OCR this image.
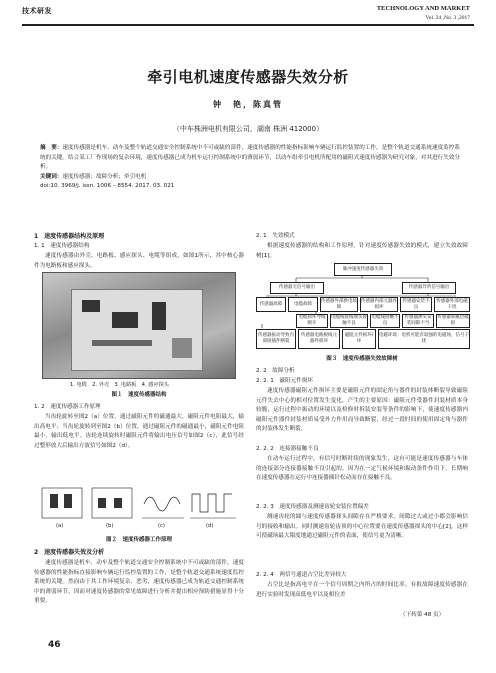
技术研发	TECHNOLOGY AND MARKET
Vol. 24 ,No. 3 ,2017
牵引电机速度传感器失效分析
钟　艳，陈真管
（中车株洲电机有限公司，湖南 株洲 412000）
摘　要：速度传感器是机车、动车及整个轨道交通安全控制系统中不可或缺的部件，速度传感器的性能指标影响车辆运行监控装置的工作，是整个轨道交通系统速度监控系统的关键。结合某工厂作现场的复杂环境，速度传感器已成为机车运行控制系统中的薄弱环节，以动车组牵引电机所配用的磁阻式速度传感器为研究对象，对其进行失效分析。
关键词：速度传感器；故障分析；牵引电机
doi:10. 3969/j. issn. 1006 – 8554. 2017. 03. 021
1　速度传感器结构及原理
1. 1　速度传感器结构
速度传感器由外壳、电路板、感应探头、电缆等组成，如图1所示，其中核心器件为电路板和感应探头。
1. 电缆　2. 外壳　3. 电路板　4. 感应探头
图１　速度传感器结构
1. 2　速度传感器工作原理
当齿轮旋转至图2（a）位置，通过磁阻元件的磁通最大，磁阻元件电阻最大，输出高电平；当齿轮旋转到至图2（b）位置，通过磁阻元件的磁通最小，磁阻元件电阻最小，输出低电平。齿轮连续旋转时磁阻元件将输出电压信号如图2（c），此信号经过整形放大后输出方波信号如图2（d）。
(a)	(b)	(c)	(d)
图２　速度传感器工作原理
2　速度传感器失效及分析
速度传感器是机车、动车及整个轨道交通安全控制系统中不可或缺的部件，速度传感器的性能指标直接影响车辆运行监控装置的工作，是整个轨道交通系统速度监控系统的关键。然而由于其工作环境复杂、恶劣，速度传感器已成为轨道交通控制系统中的薄弱环节，因而对速度传感器的常见故障进行分析并提出相应预防措施显得十分重要。
46
2. 1　失效模式
根据速度传感器的结构和工作原理，针对速度传感器失效的模式，建立失效故障树[1]。
脉冲速度传感器失效
传感器无信号输出	传感器异常信号输出
传感器故障	电缆故障
传感器外部供电故障
传感器内部元器件损坏
传感器安装不良
传感器外部电磁干扰
电缆损坏导线断开
电缆线接线端头接触不良
电缆线接触不良
传感器测头安装间隙不当
传感器屏蔽层破损
传感器振动导致内部接插件断裂
传感器电路板线元器件损坏
磁阻元件损坏/坏
电磁环境：电机可能有较强的电磁场，信号干扰
图３　速度传感器失效故障树
2. 2　故障分析
2. 2. 1　磁阻元件损坏
速度传感器磁阻元件损坏主要是磁阻元件的固定角与器件的封装体断裂导致磁阻元件失去中心的相对位置发生变化，产生的主要原因：磁阻元件受器件封装材质本身较脆，运行过程中振动的环境以及检修时拆装安装等条件的影响下，使速度传感器内磁阻元件器件封装材质易受外力作用而导致断裂，经过一段时间的使用固定角与器件的封装体发生断裂。
2. 2. 2　连接器接触不良
在动车运行过程中，有信号时断时续的现象发生，这有可能是速度传感器与车体的连接部分连接器接触不良引起的。因为在一定气候环境和振动条件作用下，长期响在速度传感器在运行中连接器插针松动而存在接触不良。
2. 2. 3　速度传感器及测速齿轮安装位置偏差
测速齿轮的圆与速度传感器探头间隙存在严格要求，间隙过大或过小都会影响信号的接收和输出。同时测速齿轮齿顶的中心位置要在速度传感器探头的中心[2]，这样可使磁场最大限度地通过磁阻元件的表面，使信号更为清晰。
2. 2. 4　两信号通道占空比差异较大
占空比是指高电平在一个信号周期之内所占的时间比率。有报故障速度传感器在进行实验时发现高低电平以及相位差
（下转第 48 页）
